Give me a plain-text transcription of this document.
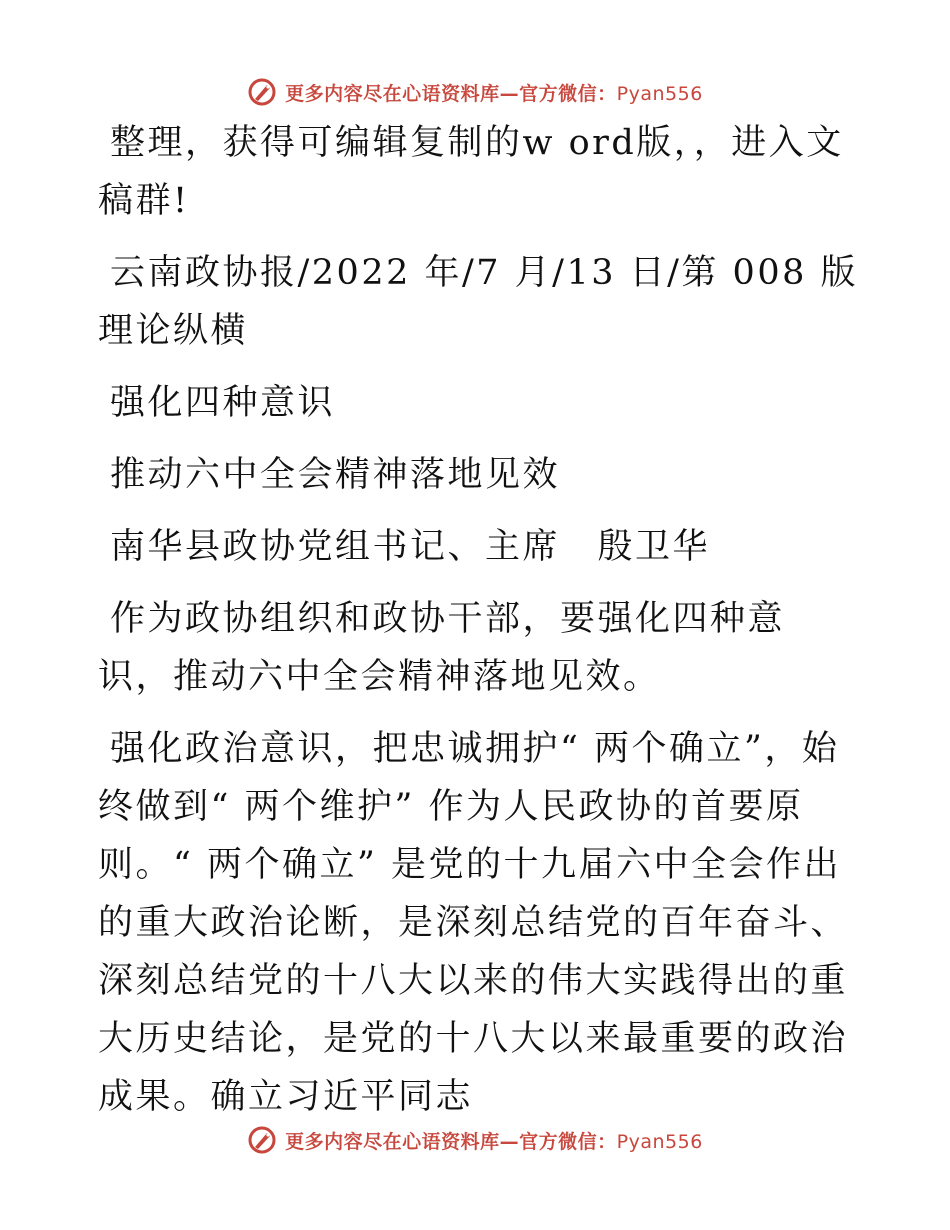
更多内容尽在心语资料库—官方微信：Pyan556

整理，获得可编辑复制的w ord版，，进入文稿群!

云南政协报/2022 年/7 月/13 日/第 008 版理论纵横

强化四种意识

推动六中全会精神落地见效

南华县政协党组书记、主席　殷卫华

作为政协组织和政协干部，要强化四种意识，推动六中全会精神落地见效。

强化政治意识，把忠诚拥护“ 两个确立”，始终做到“ 两个维护” 作为人民政协的首要原则。“ 两个确立” 是党的十九届六中全会作出的重大政治论断，是深刻总结党的百年奋斗、深刻总结党的十八大以来的伟大实践得出的重大历史结论，是党的十八大以来最重要的政治成果。确立习近平同志

更多内容尽在心语资料库—官方微信：Pyan556
